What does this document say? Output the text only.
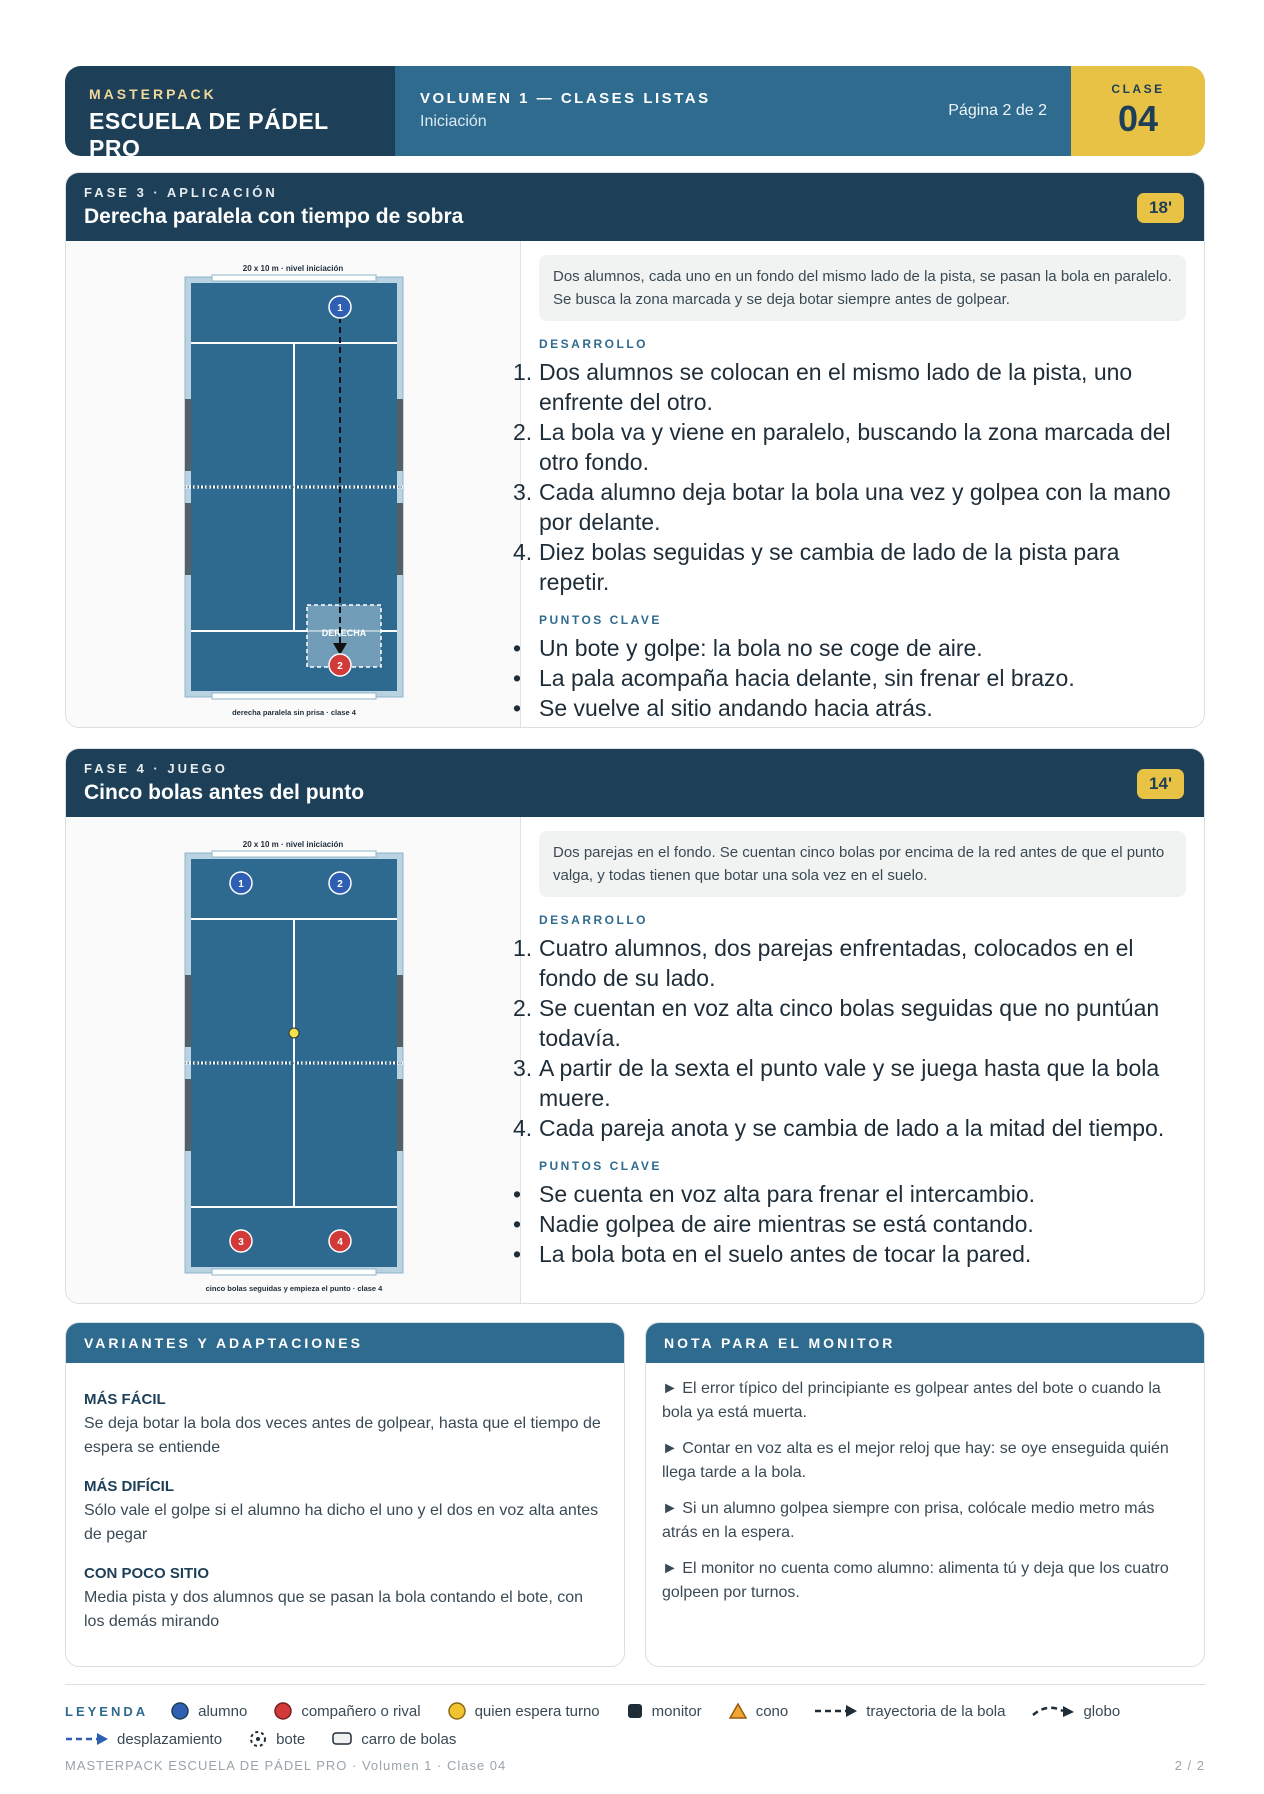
MASTERPACK
ESCUELA DE PÁDEL PRO
VOLUMEN 1 — CLASES LISTAS
Iniciación
Página 2 de 2
CLASE
04
FASE 3 · APLICACIÓN
Derecha paralela con tiempo de sobra	18'
20 x 10 m · nivel iniciación
DERECHA
1
2
derecha paralela sin prisa · clase 4
Dos alumnos, cada uno en un fondo del mismo lado de la pista, se pasan la bola en paralelo. Se busca la zona marcada y se deja botar siempre antes de golpear.
DESARROLLO
Dos alumnos se colocan en el mismo lado de la pista, uno enfrente del otro.
La bola va y viene en paralelo, buscando la zona marcada del otro fondo.
Cada alumno deja botar la bola una vez y golpea con la mano por delante.
Diez bolas seguidas y se cambia de lado de la pista para repetir.
PUNTOS CLAVE
• Un bote y golpe: la bola no se coge de aire.
• La pala acompaña hacia delante, sin frenar el brazo.
• Se vuelve al sitio andando hacia atrás.
FASE 4 · JUEGO
Cinco bolas antes del punto	14'
20 x 10 m · nivel iniciación
1	2
3	4
cinco bolas seguidas y empieza el punto · clase 4
Dos parejas en el fondo. Se cuentan cinco bolas por encima de la red antes de que el punto valga, y todas tienen que botar una sola vez en el suelo.
DESARROLLO
Cuatro alumnos, dos parejas enfrentadas, colocados en el fondo de su lado.
Se cuentan en voz alta cinco bolas seguidas que no puntúan todavía.
A partir de la sexta el punto vale y se juega hasta que la bola muere.
Cada pareja anota y se cambia de lado a la mitad del tiempo.
PUNTOS CLAVE
• Se cuenta en voz alta para frenar el intercambio.
• Nadie golpea de aire mientras se está contando.
• La bola bota en el suelo antes de tocar la pared.
VARIANTES Y ADAPTACIONES
MÁS FÁCIL
Se deja botar la bola dos veces antes de golpear, hasta que el tiempo de espera se entiende
MÁS DIFÍCIL
Sólo vale el golpe si el alumno ha dicho el uno y el dos en voz alta antes de pegar
CON POCO SITIO
Media pista y dos alumnos que se pasan la bola contando el bote, con los demás mirando
NOTA PARA EL MONITOR

► El error típico del principiante es golpear antes del bote o cuando la bola ya está muerta.

► Contar en voz alta es el mejor reloj que hay: se oye enseguida quién llega tarde a la bola.

► Si un alumno golpea siempre con prisa, colócale medio metro más atrás en la espera.

► El monitor no cuenta como alumno: alimenta tú y deja que los cuatro golpeen por turnos.

LEYENDA	alumno	compañero o rival	quien espera turno	monitor	cono	trayectoria de la bola	globo
desplazamiento	bote	carro de bolas
MASTERPACK ESCUELA DE PÁDEL PRO · Volumen 1 · Clase 04	2 / 2
